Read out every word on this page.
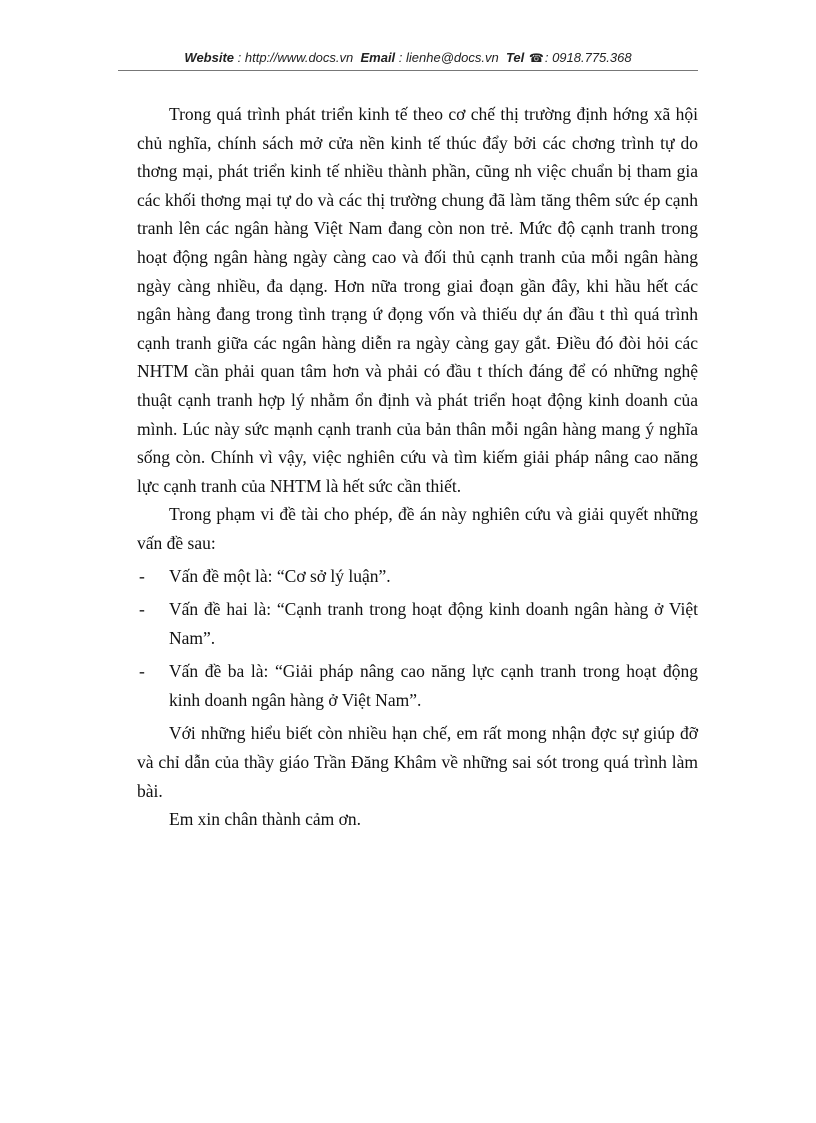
Website : http://www.docs.vn Email : lienhe@docs.vn Tel ☎: 0918.775.368

Trong quá trình phát triển kinh tế theo cơ chế thị trường định hớng xã hội chủ nghĩa, chính sách mở cửa nền kinh tế thúc đẩy bởi các chơng trình tự do thơng mại, phát triển kinh tế nhiều thành phần, cũng nh việc chuẩn bị tham gia các khối thơng mại tự do và các thị trường chung đã làm tăng thêm sức ép cạnh tranh lên các ngân hàng Việt Nam đang còn non trẻ. Mức độ cạnh tranh trong hoạt động ngân hàng ngày càng cao và đối thủ cạnh tranh của mỗi ngân hàng ngày càng nhiều, đa dạng. Hơn nữa trong giai đoạn gần đây, khi hầu hết các ngân hàng đang trong tình trạng ứ đọng vốn và thiếu dự án đầu t thì quá trình cạnh tranh giữa các ngân hàng diễn ra ngày càng gay gắt. Điều đó đòi hỏi các NHTM cần phải quan tâm hơn và phải có đầu t thích đáng để có những nghệ thuật cạnh tranh hợp lý nhằm ổn định và phát triển hoạt động kinh doanh của mình. Lúc này sức mạnh cạnh tranh của bản thân mỗi ngân hàng mang ý nghĩa sống còn. Chính vì vậy, việc nghiên cứu và tìm kiếm giải pháp nâng cao năng lực cạnh tranh của NHTM là hết sức cần thiết.

Trong phạm vi đề tài cho phép, đề án này nghiên cứu và giải quyết những vấn đề sau:

- Vấn đề một là: “Cơ sở lý luận”.
- Vấn đề hai là: “Cạnh tranh trong hoạt động kinh doanh ngân hàng ở Việt Nam”.
- Vấn đề ba là: “Giải pháp nâng cao năng lực cạnh tranh trong hoạt động kinh doanh ngân hàng ở Việt Nam”.

Với những hiểu biết còn nhiều hạn chế, em rất mong nhận đợc sự giúp đỡ và chỉ dẫn của thầy giáo Trần Đăng Khâm về những sai sót trong quá trình làm bài.

Em xin chân thành cảm ơn.
